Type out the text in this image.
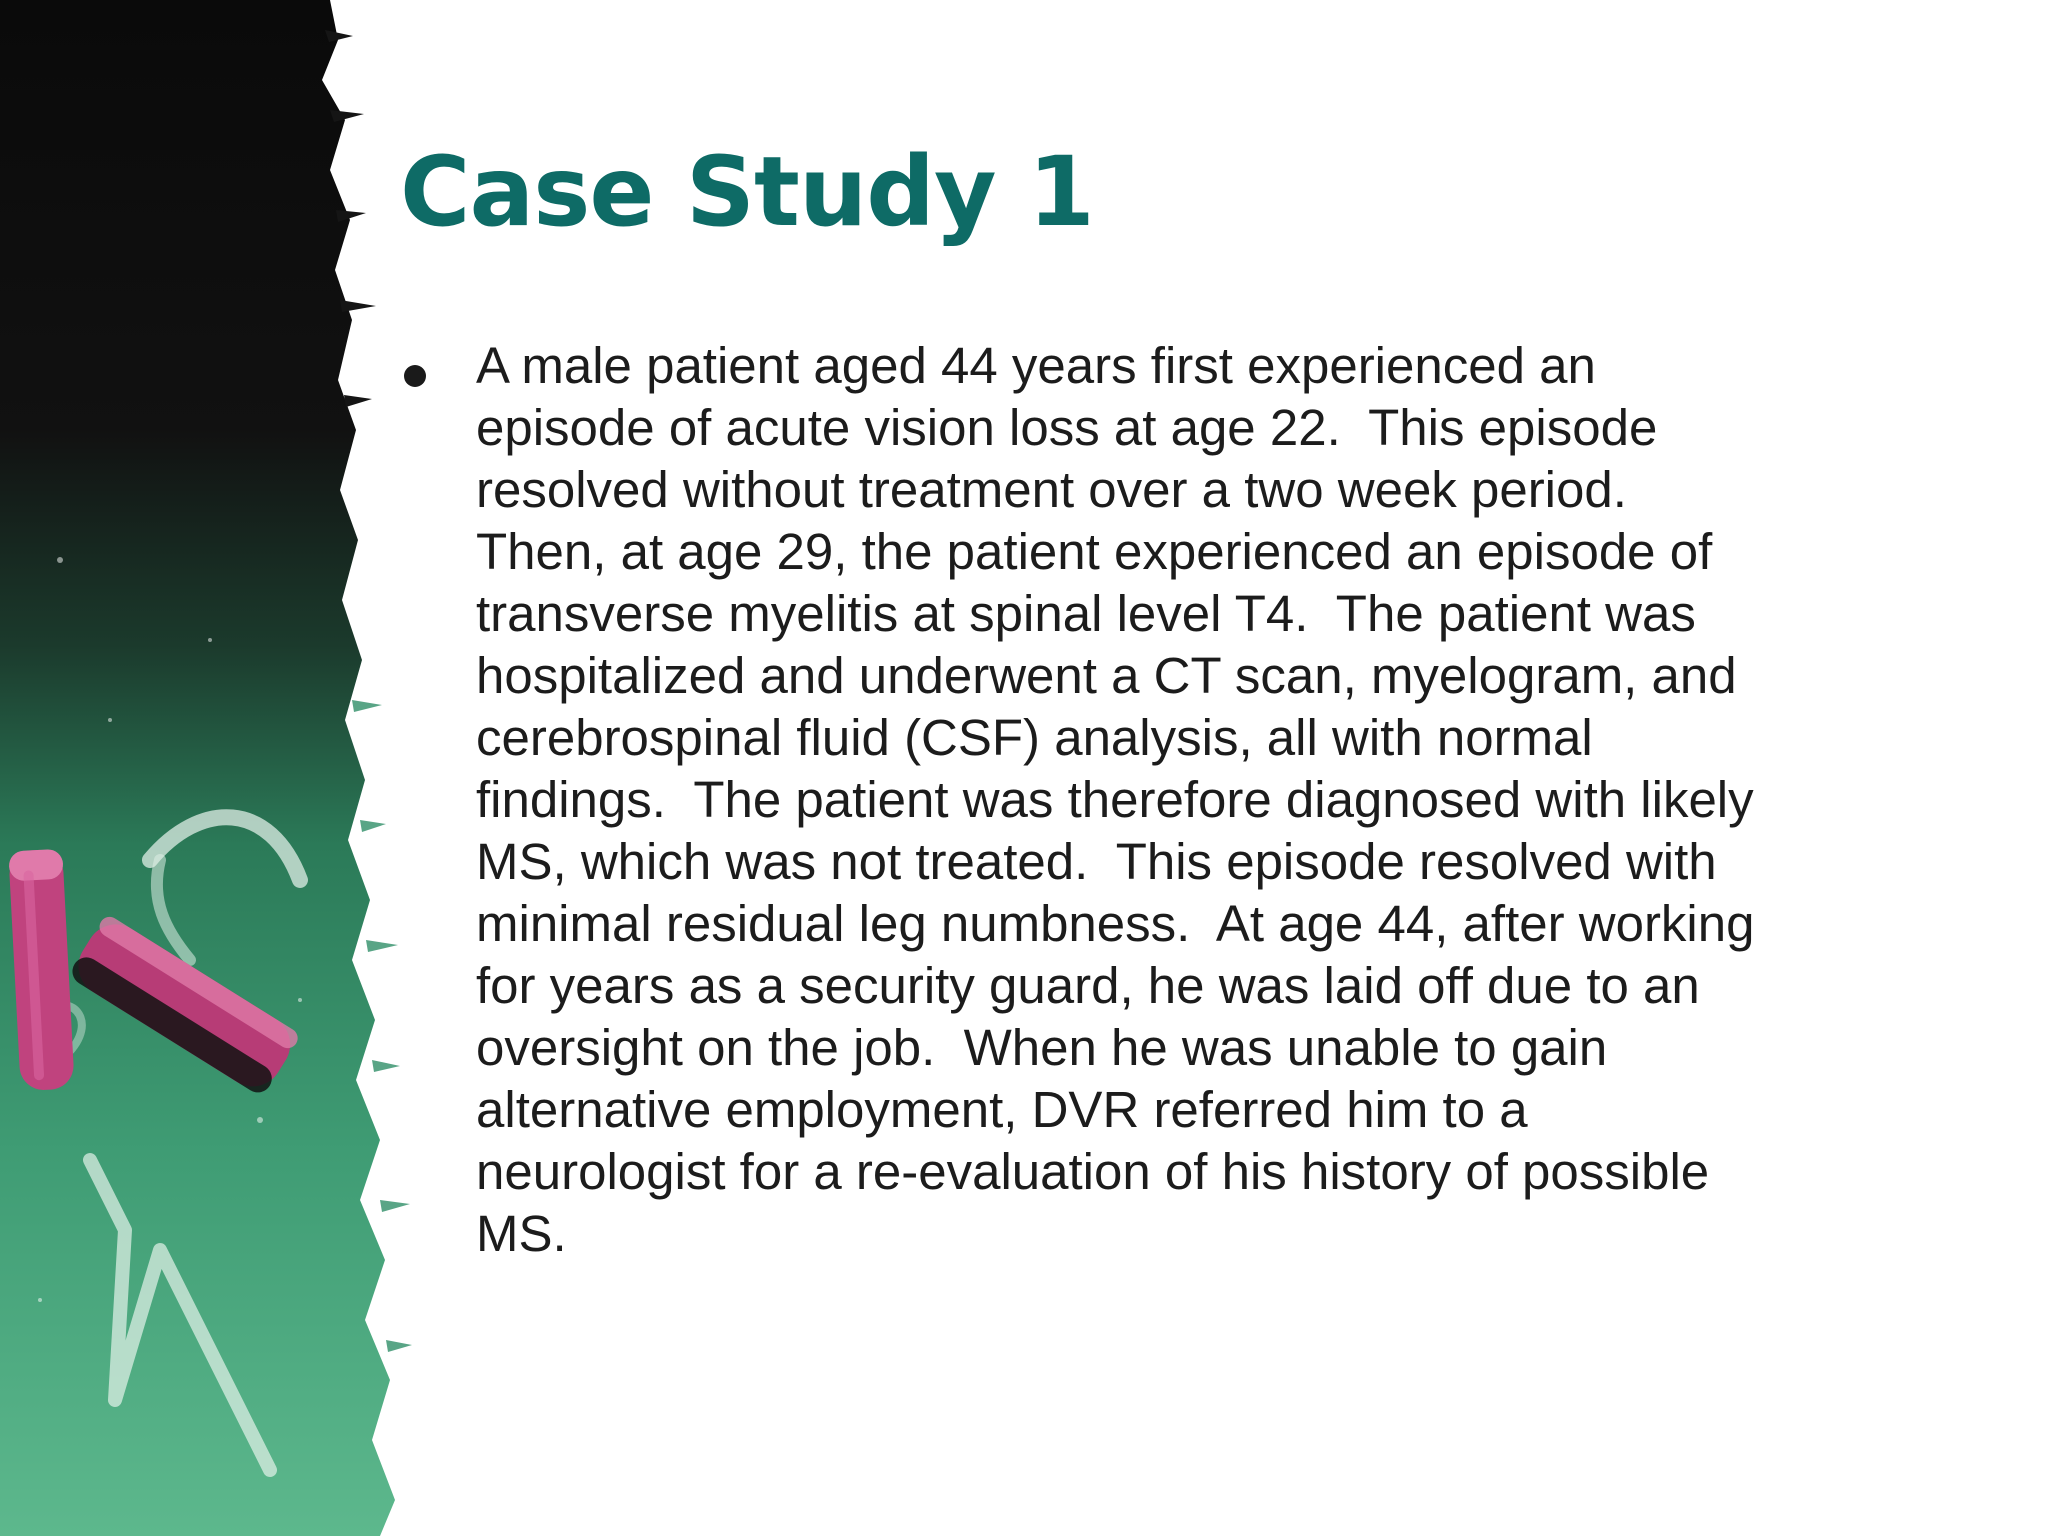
Case Study 1
A male patient aged 44 years first experienced an
episode of acute vision loss at age 22.  This episode
resolved without treatment over a two week period.
Then, at age 29, the patient experienced an episode of
transverse myelitis at spinal level T4.  The patient was
hospitalized and underwent a CT scan, myelogram, and
cerebrospinal fluid (CSF) analysis, all with normal
findings.  The patient was therefore diagnosed with likely
MS, which was not treated.  This episode resolved with
minimal residual leg numbness.  At age 44, after working
for years as a security guard, he was laid off due to an
oversight on the job.  When he was unable to gain
alternative employment, DVR referred him to a
neurologist for a re-evaluation of his history of possible
MS.
